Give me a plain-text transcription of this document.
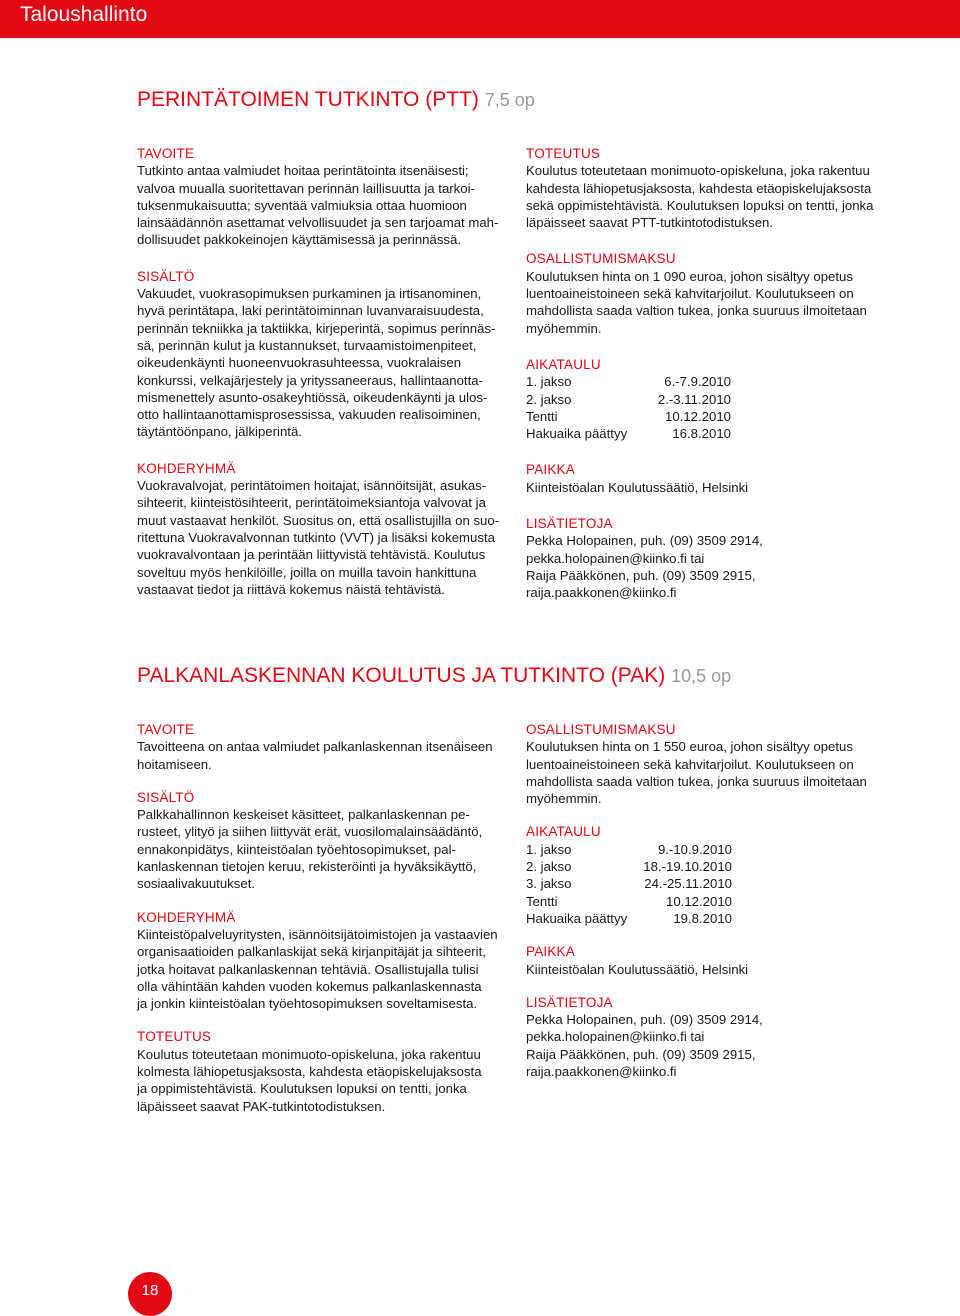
Taloushallinto
PERINTÄTOIMEN TUTKINTO (PTT) 7,5 op

TAVOITE

Tutkinto antaa valmiudet hoitaa perintätointa itsenäisesti;

valvoa muualla suoritettavan perinnän laillisuutta ja tarkoi-

tuksenmukaisuutta; syventää valmiuksia ottaa huomioon

lainsäädännön asettamat velvollisuudet ja sen tarjoamat mah-

dollisuudet pakkokeinojen käyttämisessä ja perinnässä.

SISÄLTÖ

Vakuudet, vuokrasopimuksen purkaminen ja irtisanominen,

hyvä perintätapa, laki perintätoiminnan luvanvaraisuudesta,

perinnän tekniikka ja taktiikka, kirjeperintä, sopimus perinnäs-

sä, perinnän kulut ja kustannukset, turvaamistoimenpiteet,

oikeudenkäynti huoneenvuokrasuhteessa, vuokralaisen

konkurssi, velkajärjestely ja yrityssaneeraus, hallintaanotta-

mismenettely asunto-osakeyhtiössä, oikeudenkäynti ja ulos-

otto hallintaanottamisprosessissa, vakuuden realisoiminen,

täytäntöönpano, jälkiperintä.

KOHDERYHMÄ

Vuokravalvojat, perintätoimen hoitajat, isännöitsijät, asukas-

sihteerit, kiinteistösihteerit, perintätoimeksiantoja valvovat ja

muut vastaavat henkilöt. Suositus on, että osallistujilla on suo-

ritettuna Vuokravalvonnan tutkinto (VVT) ja lisäksi kokemusta

vuokravalvontaan ja perintään liittyvistä tehtävistä. Koulutus

soveltuu myös henkilöille, joilla on muilla tavoin hankittuna

vastaavat tiedot ja riittävä kokemus näistä tehtävistä.

TOTEUTUS

Koulutus toteutetaan monimuoto-opiskeluna, joka rakentuu

kahdesta lähiopetusjaksosta, kahdesta etäopiskelujaksosta

sekä oppimistehtävistä. Koulutuksen lopuksi on tentti, jonka

läpäisseet saavat PTT-tutkintotodistuksen.

OSALLISTUMISMAKSU

Koulutuksen hinta on 1 090 euroa, johon sisältyy opetus

luentoaineistoineen sekä kahvitarjoilut. Koulutukseen on

mahdollista saada valtion tukea, jonka suuruus ilmoitetaan

myöhemmin.

AIKATAULU

1. jakso	6.-7.9.2010
2. jakso	2.-3.11.2010
Tentti	10.12.2010
Hakuaika päättyy	16.8.2010

PAIKKA

Kiinteistöalan Koulutussäätiö, Helsinki

LISÄTIETOJA

Pekka Holopainen, puh. (09) 3509 2914,

pekka.holopainen@kiinko.fi tai

Raija Pääkkönen, puh. (09) 3509 2915,

raija.paakkonen@kiinko.fi

PALKANLASKENNAN KOULUTUS JA TUTKINTO (PAK) 10,5 op

TAVOITE

Tavoitteena on antaa valmiudet palkanlaskennan itsenäiseen

hoitamiseen.

SISÄLTÖ

Palkkahallinnon keskeiset käsitteet, palkanlaskennan pe-

rusteet, ylityö ja siihen liittyvät erät, vuosilomalainsäädäntö,

ennakonpidätys, kiinteistöalan työehtosopimukset, pal-

kanlaskennan tietojen keruu, rekisteröinti ja hyväksikäyttö,

sosiaalivakuutukset.

KOHDERYHMÄ

Kiinteistöpalveluyritysten, isännöitsijätoimistojen ja vastaavien

organisaatioiden palkanlaskijat sekä kirjanpitäjät ja sihteerit,

jotka hoitavat palkanlaskennan tehtäviä. Osallistujalla tulisi

olla vähintään kahden vuoden kokemus palkanlaskennasta

ja jonkin kiinteistöalan työehtosopimuksen soveltamisesta.

TOTEUTUS

Koulutus toteutetaan monimuoto-opiskeluna, joka rakentuu

kolmesta lähiopetusjaksosta, kahdesta etäopiskelujaksosta

ja oppimistehtävistä. Koulutuksen lopuksi on tentti, jonka

läpäisseet saavat PAK-tutkintotodistuksen.

OSALLISTUMISMAKSU

Koulutuksen hinta on 1 550 euroa, johon sisältyy opetus

luentoaineistoineen sekä kahvitarjoilut. Koulutukseen on

mahdollista saada valtion tukea, jonka suuruus ilmoitetaan

myöhemmin.

AIKATAULU

1. jakso	9.-10.9.2010
2. jakso	18.-19.10.2010
3. jakso	24.-25.11.2010
Tentti	10.12.2010
Hakuaika päättyy	19.8.2010

PAIKKA

Kiinteistöalan Koulutussäätiö, Helsinki

LISÄTIETOJA

Pekka Holopainen, puh. (09) 3509 2914,

pekka.holopainen@kiinko.fi tai

Raija Pääkkönen, puh. (09) 3509 2915,

raija.paakkonen@kiinko.fi

18
